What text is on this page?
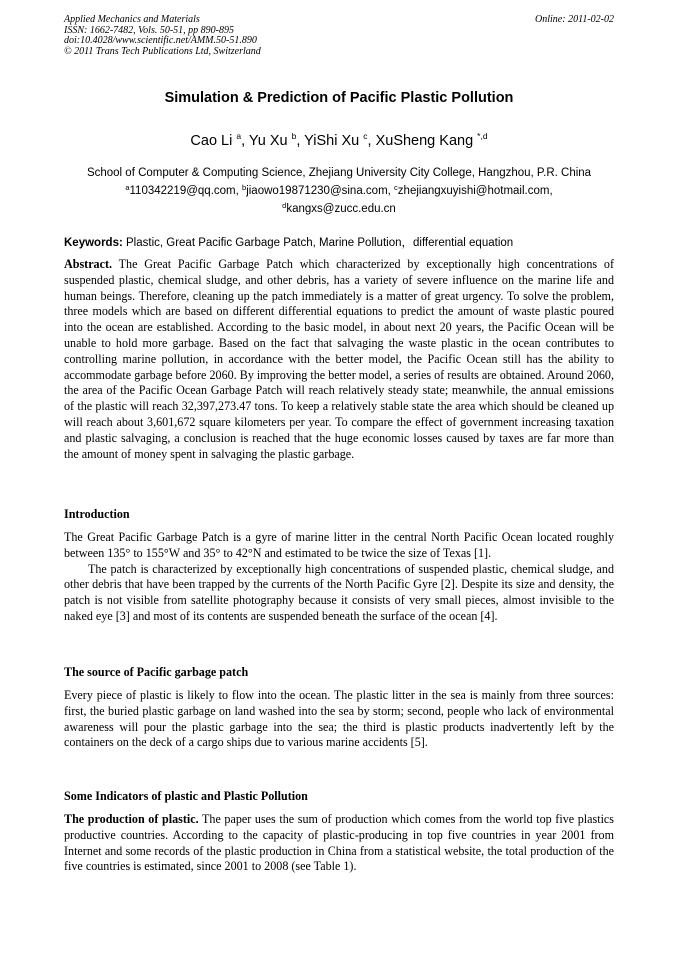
Applied Mechanics and Materials
ISSN: 1662-7482, Vols. 50-51, pp 890-895
doi:10.4028/www.scientific.net/AMM.50-51.890
© 2011 Trans Tech Publications Ltd, Switzerland
Online: 2011-02-02
Simulation & Prediction of Pacific Plastic Pollution
Cao Li $^a$, Yu Xu $^b$, YiShi Xu $^c$, XuSheng Kang $^{*,d}$
School of Computer & Computing Science, Zhejiang University City College, Hangzhou, P.R. China
$^a$110342219@qq.com, $^b$jiaowo19871230@sina.com, $^c$zhejiangxuyishi@hotmail.com,
$^d$kangxs@zucc.edu.cn
Keywords: Plastic, Great Pacific Garbage Patch, Marine Pollution，differential equation

Abstract. The Great Pacific Garbage Patch which characterized by exceptionally high concentrations of suspended plastic, chemical sludge, and other debris, has a variety of severe influence on the marine life and human beings. Therefore, cleaning up the patch immediately is a matter of great urgency. To solve the problem, three models which are based on different differential equations to predict the amount of waste plastic poured into the ocean are established. According to the basic model, in about next 20 years, the Pacific Ocean will be unable to hold more garbage. Based on the fact that salvaging the waste plastic in the ocean contributes to controlling marine pollution, in accordance with the better model, the Pacific Ocean still has the ability to accommodate garbage before 2060. By improving the better model, a series of results are obtained. Around 2060, the area of the Pacific Ocean Garbage Patch will reach relatively steady state; meanwhile, the annual emissions of the plastic will reach 32,397,273.47 tons. To keep a relatively stable state the area which should be cleaned up will reach about 3,601,672 square kilometers per year. To compare the effect of government increasing taxation and plastic salvaging, a conclusion is reached that the huge economic losses caused by taxes are far more than the amount of money spent in salvaging the plastic garbage.

Introduction

The Great Pacific Garbage Patch is a gyre of marine litter in the central North Pacific Ocean located roughly between 135° to 155°W and 35° to 42°N and estimated to be twice the size of Texas [1].

The patch is characterized by exceptionally high concentrations of suspended plastic, chemical sludge, and other debris that have been trapped by the currents of the North Pacific Gyre [2]. Despite its size and density, the patch is not visible from satellite photography because it consists of very small pieces, almost invisible to the naked eye [3] and most of its contents are suspended beneath the surface of the ocean [4].

The source of Pacific garbage patch

Every piece of plastic is likely to flow into the ocean. The plastic litter in the sea is mainly from three sources: first, the buried plastic garbage on land washed into the sea by storm; second, people who lack of environmental awareness will pour the plastic garbage into the sea; the third is plastic products inadvertently left by the containers on the deck of a cargo ships due to various marine accidents [5].

Some Indicators of plastic and Plastic Pollution

The production of plastic. The paper uses the sum of production which comes from the world top five plastics productive countries. According to the capacity of plastic-producing in top five countries in year 2001 from Internet and some records of the plastic production in China from a statistical website, the total production of the five countries is estimated, since 2001 to 2008 (see Table 1).
